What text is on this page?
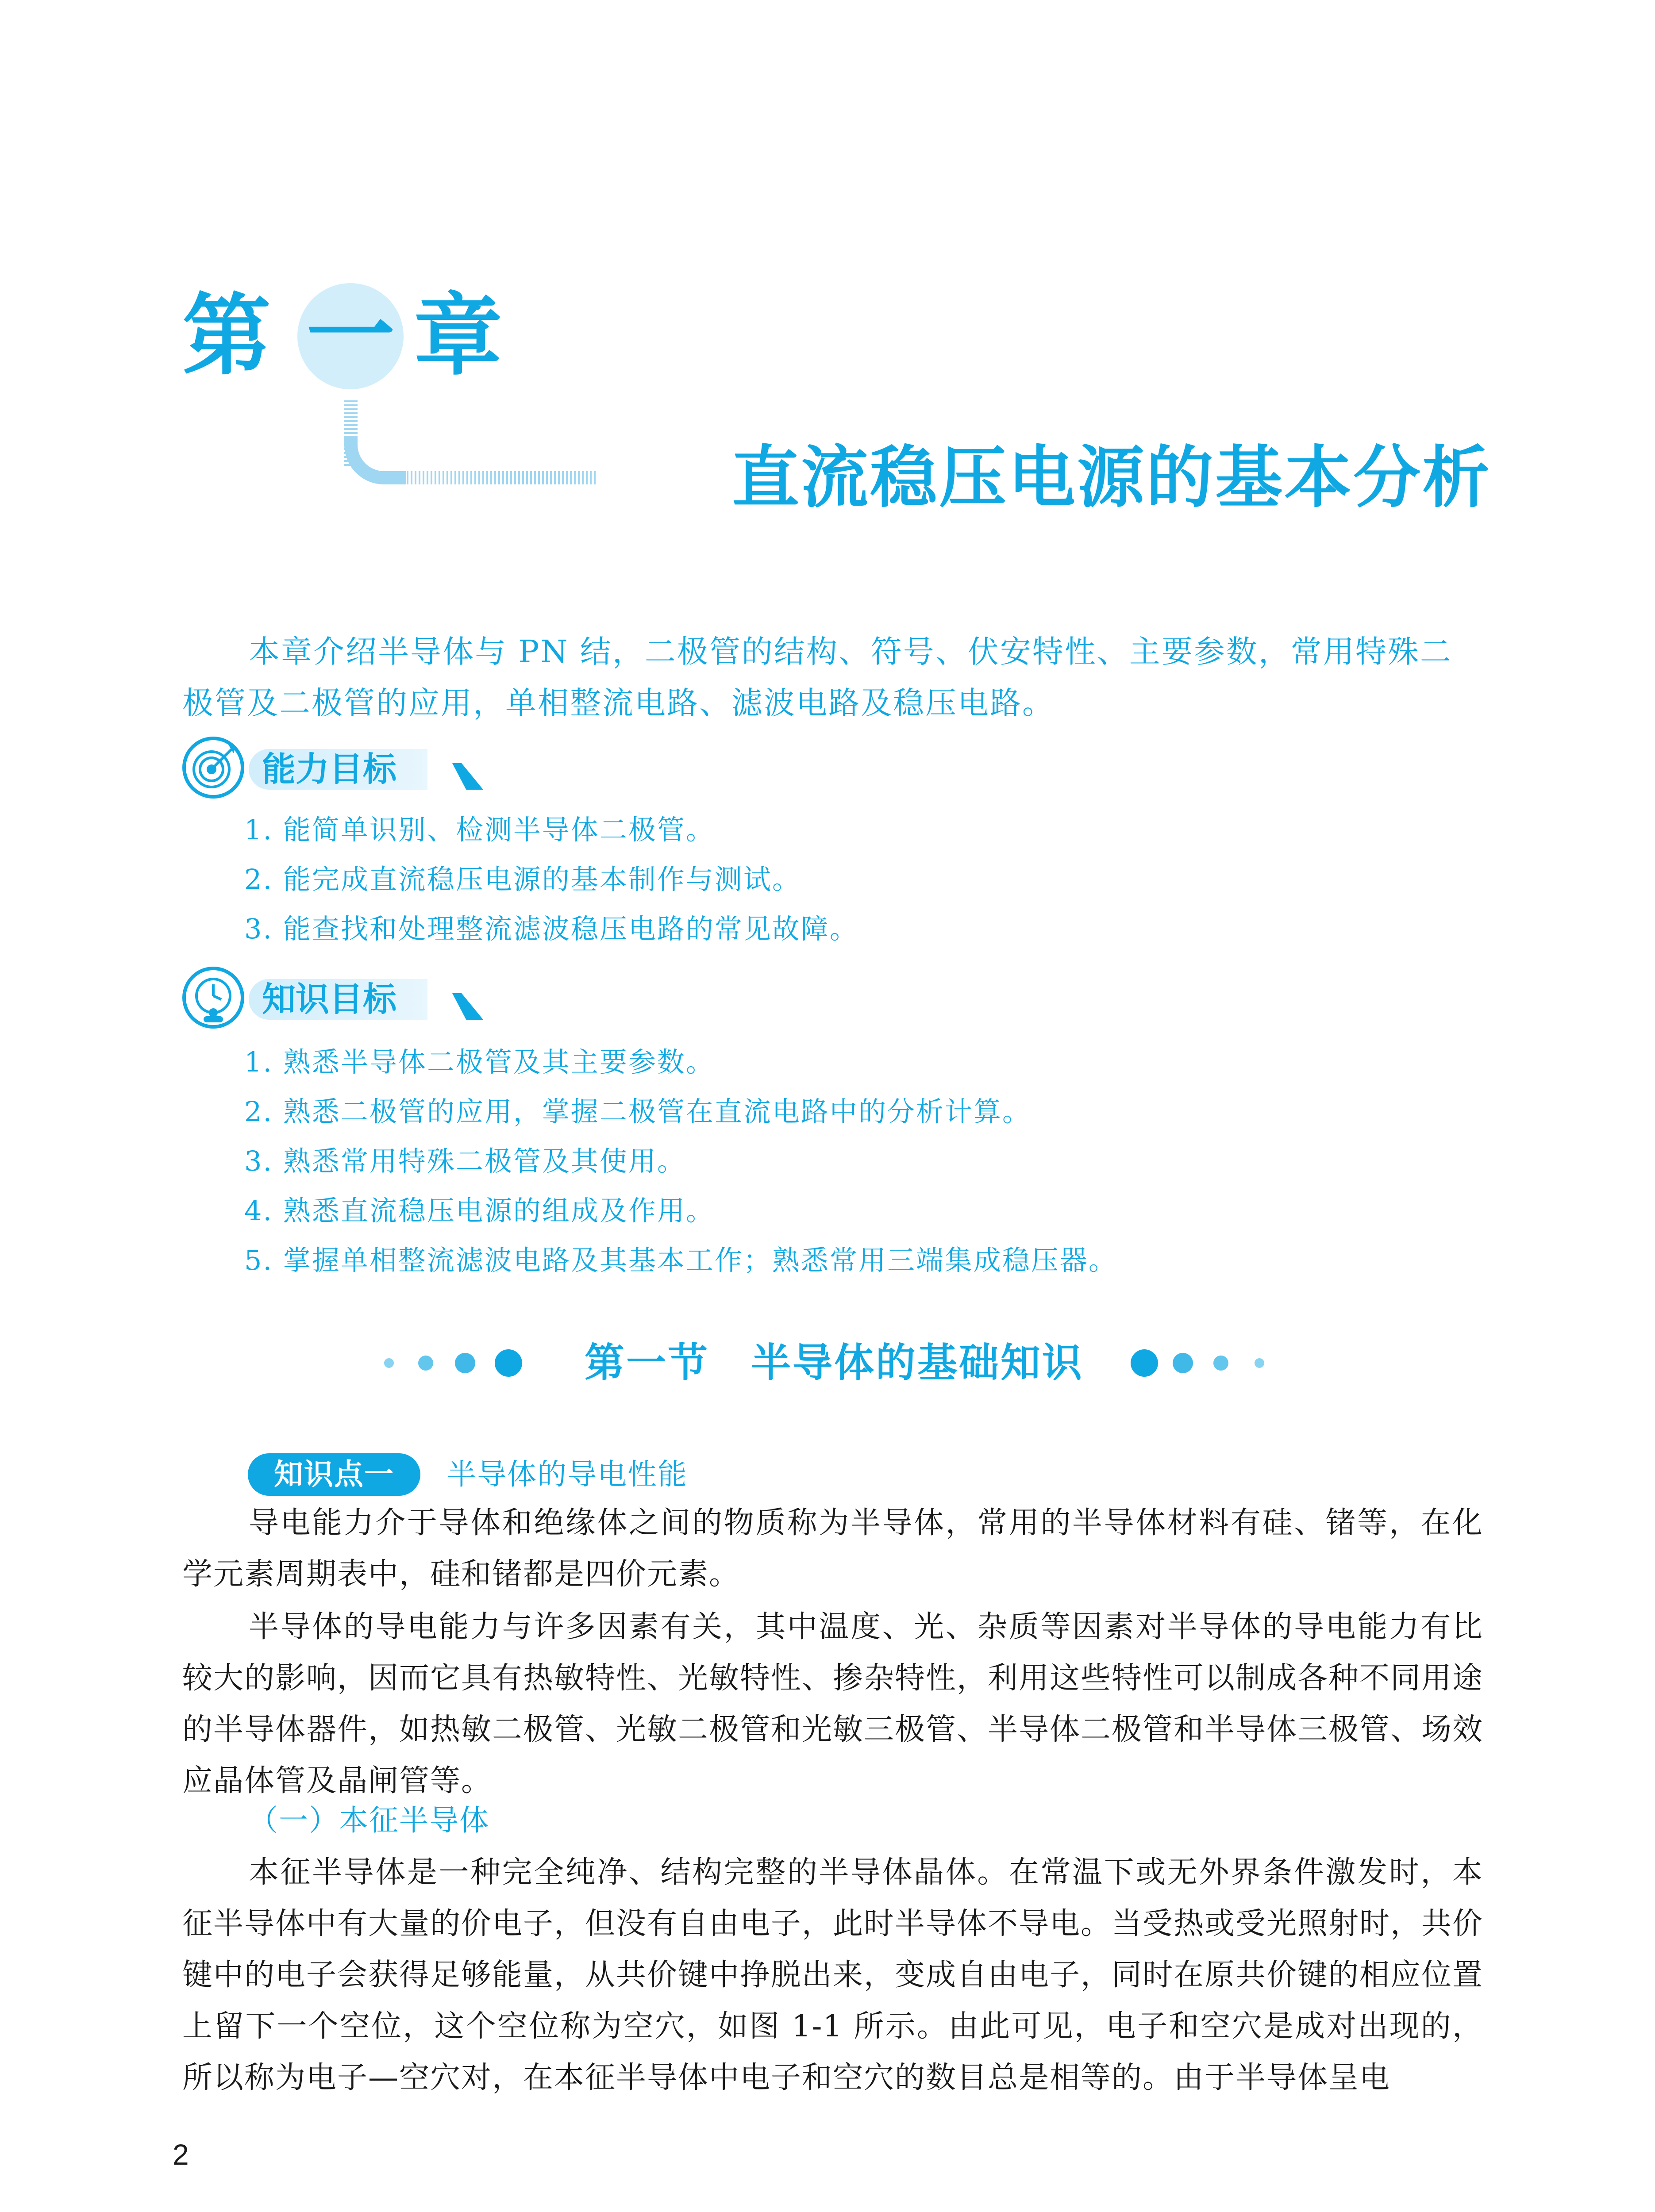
第 一 章
直流稳压电源的基本分析
本章介绍半导体与 PN 结，二极管的结构、符号、伏安特性、主要参数，常用特殊二极管及二极管的应用，单相整流电路、滤波电路及稳压电路。
能力目标
1. 能简单识别、检测半导体二极管。
2. 能完成直流稳压电源的基本制作与测试。
3. 能查找和处理整流滤波稳压电路的常见故障。
知识目标
1. 熟悉半导体二极管及其主要参数。
2. 熟悉二极管的应用，掌握二极管在直流电路中的分析计算。
3. 熟悉常用特殊二极管及其使用。
4. 熟悉直流稳压电源的组成及作用。
5. 掌握单相整流滤波电路及其基本工作；熟悉常用三端集成稳压器。
第一节　半导体的基础知识
知识点一	半导体的导电性能
导电能力介于导体和绝缘体之间的物质称为半导体，常用的半导体材料有硅、锗等，在化学元素周期表中，硅和锗都是四价元素。
半导体的导电能力与许多因素有关，其中温度、光、杂质等因素对半导体的导电能力有比较大的影响，因而它具有热敏特性、光敏特性、掺杂特性，利用这些特性可以制成各种不同用途的半导体器件，如热敏二极管、光敏二极管和光敏三极管、半导体二极管和半导体三极管、场效应晶体管及晶闸管等。
（一）本征半导体
本征半导体是一种完全纯净、结构完整的半导体晶体。在常温下或无外界条件激发时，本征半导体中有大量的价电子，但没有自由电子，此时半导体不导电。当受热或受光照射时，共价键中的电子会获得足够能量，从共价键中挣脱出来，变成自由电子，同时在原共价键的相应位置上留下一个空位，这个空位称为空穴，如图 1-1 所示。由此可见，电子和空穴是成对出现的，所以称为电子—空穴对，在本征半导体中电子和空穴的数目总是相等的。由于半导体呈电
2
